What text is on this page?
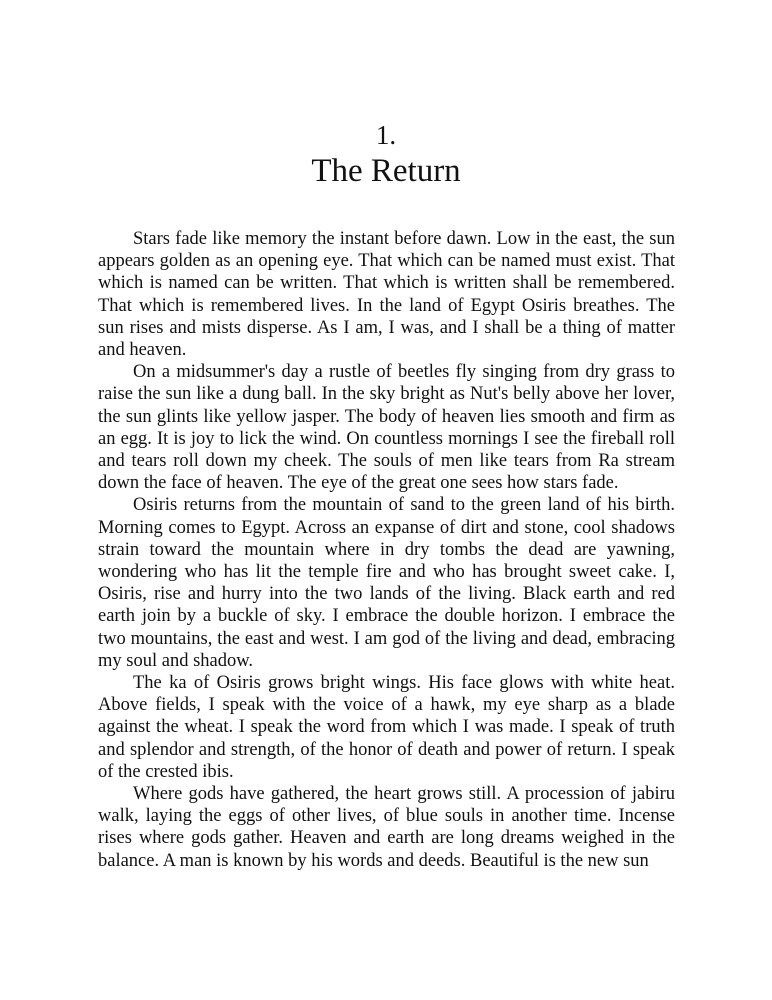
1.
The Return

Stars fade like memory the instant before dawn. Low in the east, the sun appears golden as an opening eye. That which can be named must exist. That which is named can be written. That which is written shall be remembered. That which is remembered lives. In the land of Egypt Osiris breathes. The sun rises and mists disperse. As I am, I was, and I shall be a thing of matter and heaven.

On a midsummer's day a rustle of beetles fly singing from dry grass to raise the sun like a dung ball. In the sky bright as Nut's belly above her lover, the sun glints like yellow jasper. The body of heaven lies smooth and firm as an egg. It is joy to lick the wind. On countless mornings I see the fireball roll and tears roll down my cheek. The souls of men like tears from Ra stream down the face of heaven. The eye of the great one sees how stars fade.

Osiris returns from the mountain of sand to the green land of his birth. Morning comes to Egypt. Across an expanse of dirt and stone, cool shadows strain toward the mountain where in dry tombs the dead are yawning, wondering who has lit the temple fire and who has brought sweet cake. I, Osiris, rise and hurry into the two lands of the living. Black earth and red earth join by a buckle of sky. I embrace the double horizon. I embrace the two mountains, the east and west. I am god of the living and dead, embracing my soul and shadow.

The ka of Osiris grows bright wings. His face glows with white heat. Above fields, I speak with the voice of a hawk, my eye sharp as a blade against the wheat. I speak the word from which I was made. I speak of truth and splendor and strength, of the honor of death and power of return. I speak of the crested ibis.

Where gods have gathered, the heart grows still. A procession of jabiru walk, laying the eggs of other lives, of blue souls in another time. Incense rises where gods gather. Heaven and earth are long dreams weighed in the balance. A man is known by his words and deeds. Beautiful is the new sun
